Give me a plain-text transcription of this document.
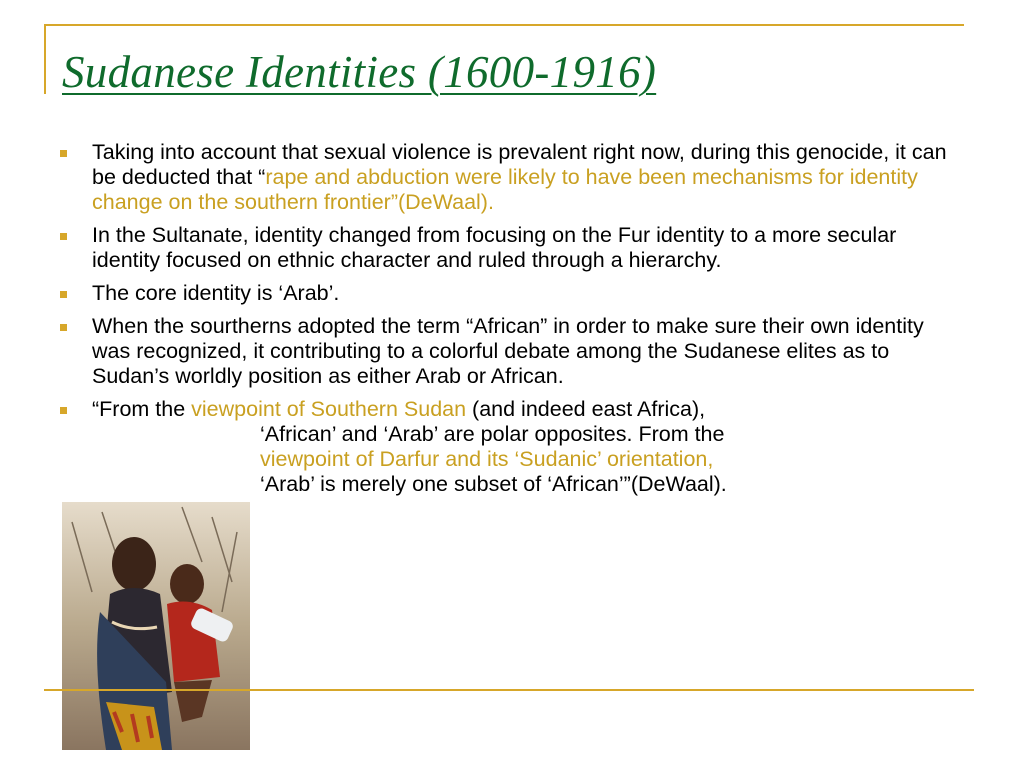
Sudanese Identities (1600-1916)
Taking into account that sexual violence is prevalent right now, during this genocide, it can be deducted that “rape and abduction were likely to have been mechanisms for identity change on the southern frontier”(DeWaal).
In the Sultanate, identity changed from focusing on the Fur identity to a more secular identity focused on ethnic character and ruled through a hierarchy.
The core identity is ‘Arab’.
When the sourtherns adopted the term “African” in order to make sure their own identity was recognized, it contributing to a colorful debate among the Sudanese elites as to Sudan’s worldly position as either Arab or African.
“From the viewpoint of Southern Sudan (and indeed east Africa),
‘African’ and ‘Arab’ are polar opposites. From the
viewpoint of Darfur and its ‘Sudanic’ orientation,
‘Arab’ is merely one subset of ‘African’”(DeWaal).
